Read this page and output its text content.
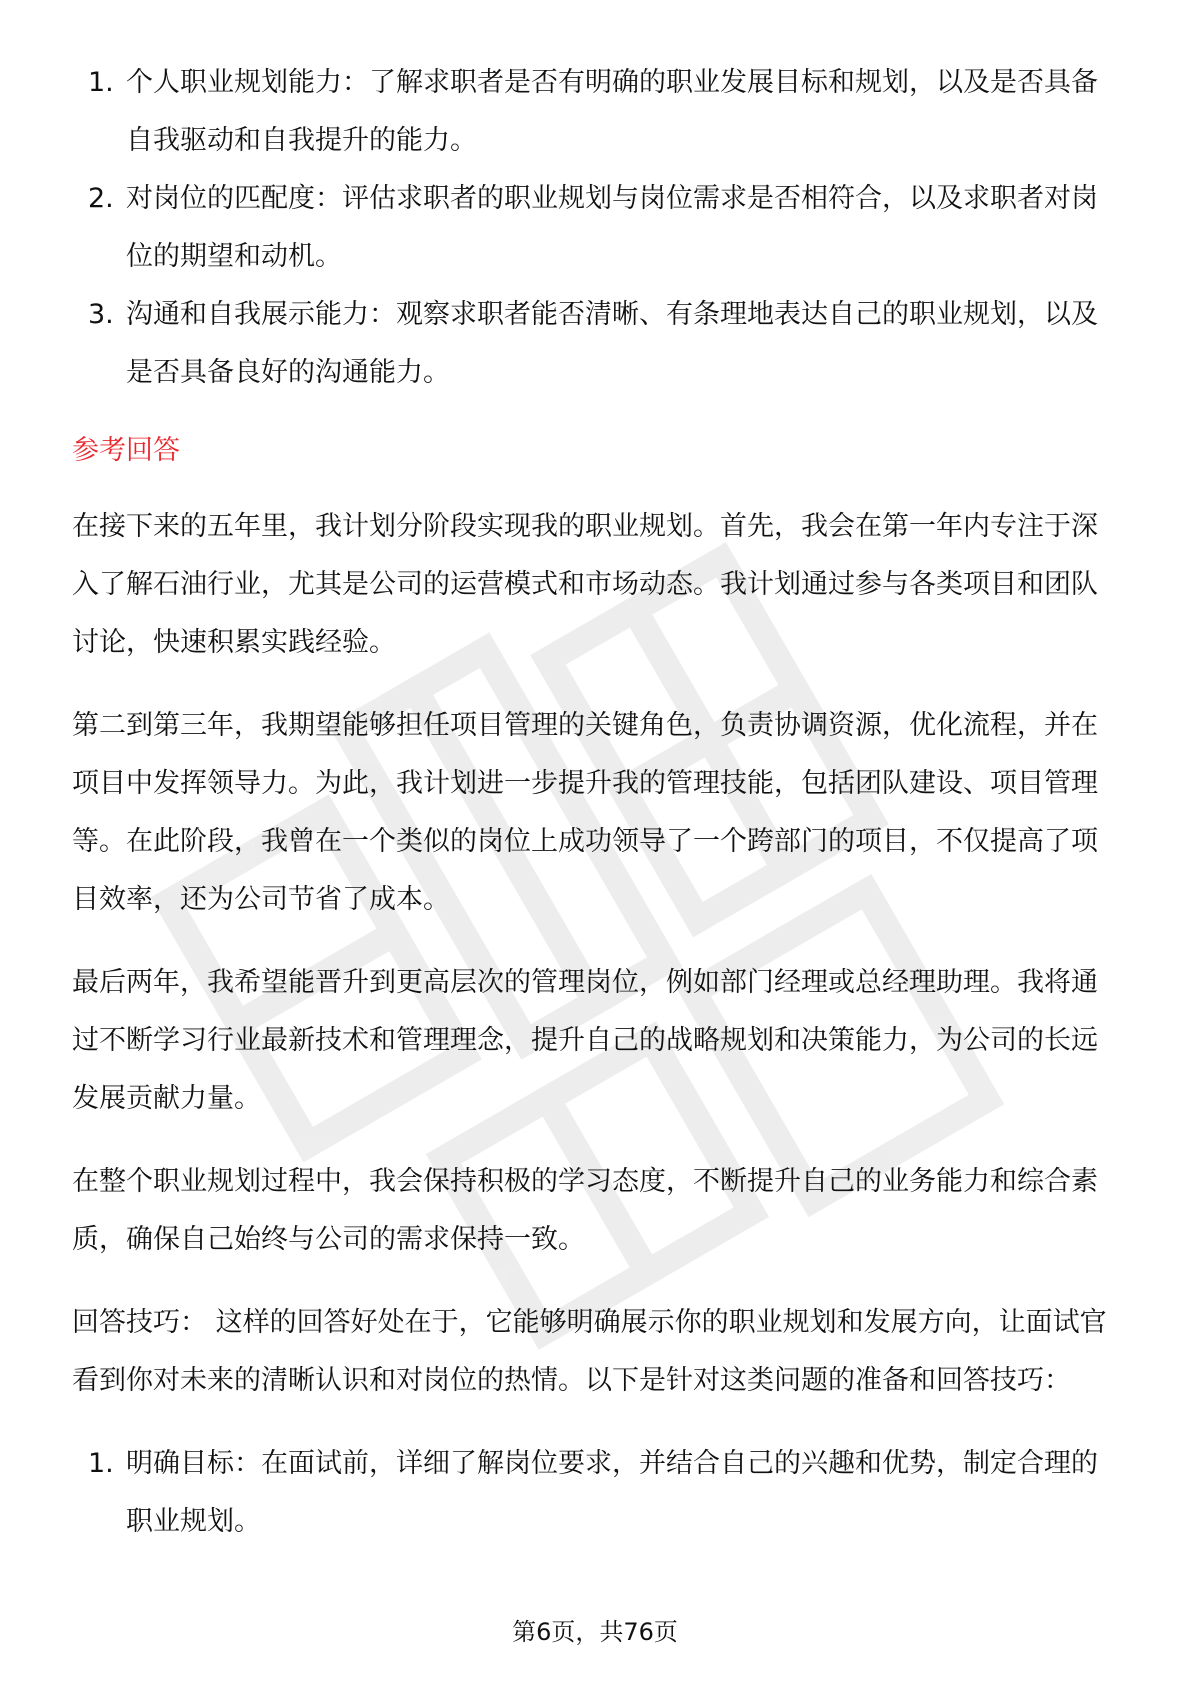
1. 个人职业规划能力：了解求职者是否有明确的职业发展目标和规划，以及是否具备自我驱动和自我提升的能力。
2. 对岗位的匹配度：评估求职者的职业规划与岗位需求是否相符合，以及求职者对岗位的期望和动机。
3. 沟通和自我展示能力：观察求职者能否清晰、有条理地表达自己的职业规划，以及是否具备良好的沟通能力。
参考回答

在接下来的五年里，我计划分阶段实现我的职业规划。首先，我会在第一年内专注于深入了解石油行业，尤其是公司的运营模式和市场动态。我计划通过参与各类项目和团队讨论，快速积累实践经验。

第二到第三年，我期望能够担任项目管理的关键角色，负责协调资源，优化流程，并在项目中发挥领导力。为此，我计划进一步提升我的管理技能，包括团队建设、项目管理等。在此阶段，我曾在一个类似的岗位上成功领导了一个跨部门的项目，不仅提高了项目效率，还为公司节省了成本。

最后两年，我希望能晋升到更高层次的管理岗位，例如部门经理或总经理助理。我将通过不断学习行业最新技术和管理理念，提升自己的战略规划和决策能力，为公司的长远发展贡献力量。

在整个职业规划过程中，我会保持积极的学习态度，不断提升自己的业务能力和综合素质，确保自己始终与公司的需求保持一致。

回答技巧： 这样的回答好处在于，它能够明确展示你的职业规划和发展方向，让面试官看到你对未来的清晰认识和对岗位的热情。以下是针对这类问题的准备和回答技巧：

1. 明确目标：在面试前，详细了解岗位要求，并结合自己的兴趣和优势，制定合理的职业规划。
第6页，共76页
